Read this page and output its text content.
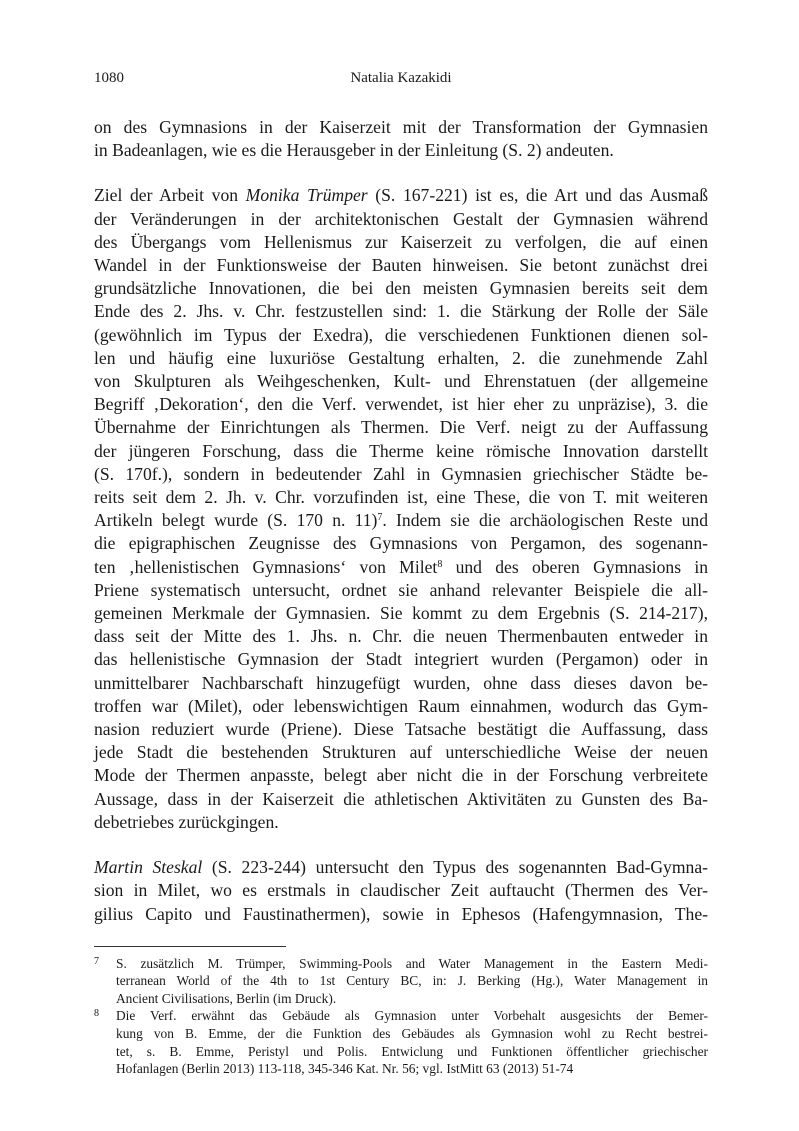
1080	Natalia Kazakidi

on des Gymnasions in der Kaiserzeit mit der Transformation der Gymnasien
in Badeanlagen, wie es die Herausgeber in der Einleitung (S. 2) andeuten.

Ziel der Arbeit von Monika Trümper (S. 167-221) ist es, die Art und das Ausmaß
der Veränderungen in der architektonischen Gestalt der Gymnasien während
des Übergangs vom Hellenismus zur Kaiserzeit zu verfolgen, die auf einen
Wandel in der Funktionsweise der Bauten hinweisen. Sie betont zunächst drei
grundsätzliche Innovationen, die bei den meisten Gymnasien bereits seit dem
Ende des 2. Jhs. v. Chr. festzustellen sind: 1. die Stärkung der Rolle der Säle
(gewöhnlich im Typus der Exedra), die verschiedenen Funktionen dienen sol-
len und häufig eine luxuriöse Gestaltung erhalten, 2. die zunehmende Zahl
von Skulpturen als Weihgeschenken, Kult- und Ehrenstatuen (der allgemeine
Begriff ‚Dekoration‘, den die Verf. verwendet, ist hier eher zu unpräzise), 3. die
Übernahme der Einrichtungen als Thermen. Die Verf. neigt zu der Auffassung
der jüngeren Forschung, dass die Therme keine römische Innovation darstellt
(S. 170f.), sondern in bedeutender Zahl in Gymnasien griechischer Städte be-
reits seit dem 2. Jh. v. Chr. vorzufinden ist, eine These, die von T. mit weiteren
Artikeln belegt wurde (S. 170 n. 11)$^7$. Indem sie die archäologischen Reste und
die epigraphischen Zeugnisse des Gymnasions von Pergamon, des sogenann-
ten ‚hellenistischen Gymnasions‘ von Milet$^8$ und des oberen Gymnasions in
Priene systematisch untersucht, ordnet sie anhand relevanter Beispiele die all-
gemeinen Merkmale der Gymnasien. Sie kommt zu dem Ergebnis (S. 214-217),
dass seit der Mitte des 1. Jhs. n. Chr. die neuen Thermenbauten entweder in
das hellenistische Gymnasion der Stadt integriert wurden (Pergamon) oder in
unmittelbarer Nachbarschaft hinzugefügt wurden, ohne dass dieses davon be-
troffen war (Milet), oder lebenswichtigen Raum einnahmen, wodurch das Gym-
nasion reduziert wurde (Priene). Diese Tatsache bestätigt die Auffassung, dass
jede Stadt die bestehenden Strukturen auf unterschiedliche Weise der neuen
Mode der Thermen anpasste, belegt aber nicht die in der Forschung verbreitete
Aussage, dass in der Kaiserzeit die athletischen Aktivitäten zu Gunsten des Ba-
debetriebes zurückgingen.

Martin Steskal (S. 223-244) untersucht den Typus des sogenannten Bad-Gymna-
sion in Milet, wo es erstmals in claudischer Zeit auftaucht (Thermen des Ver-
gilius Capito und Faustinathermen), sowie in Ephesos (Hafengymnasion, The-

7 S. zusätzlich M. Trümper, Swimming-Pools and Water Management in the Eastern Medi-
terranean World of the 4th to 1st Century BC, in: J. Berking (Hg.), Water Management in
Ancient Civilisations, Berlin (im Druck).
8 Die Verf. erwähnt das Gebäude als Gymnasion unter Vorbehalt ausgesichts der Bemer-
kung von B. Emme, der die Funktion des Gebäudes als Gymnasion wohl zu Recht bestrei-
tet, s. B. Emme, Peristyl und Polis. Entwiclung und Funktionen öffentlicher griechischer
Hofanlagen (Berlin 2013) 113-118, 345-346 Kat. Nr. 56; vgl. IstMitt 63 (2013) 51-74
